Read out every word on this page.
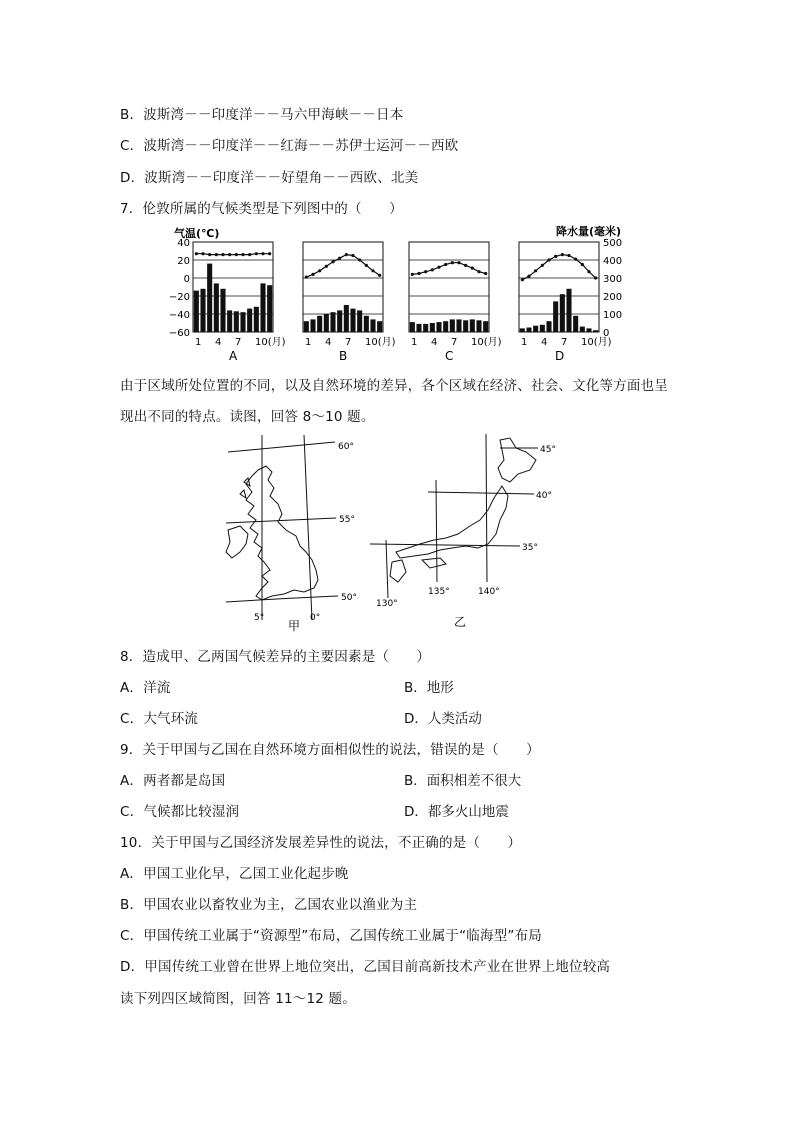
B．波斯湾－－印度洋－－马六甲海峡－－日本
C．波斯湾－－印度洋－－红海－－苏伊士运河－－西欧
D．波斯湾－－印度洋－－好望角－－西欧、北美
7．伦敦所属的气候类型是下列图中的（　　）
气温(℃)	降水量(毫米)
40
20
0
−20
−40
−60
500
400
300
200
100
0
1 4 7 10(月)
A
1 4 7 10(月)
B
1 4 7 10(月)
C
1 4 7 10(月)
D
由于区域所处位置的不同，以及自然环境的差异，各个区域在经济、社会、文化等方面也呈
现出不同的特点。读图，回答 8～10 题。
60°
55°
50°
5°	0°
甲
45°
40°
35°
130°
135°	140°
乙
8．造成甲、乙两国气候差异的主要因素是（　　）
A．洋流	B．地形
C．大气环流	D．人类活动
9．关于甲国与乙国在自然环境方面相似性的说法，错误的是（　　）
A．两者都是岛国	B．面积相差不很大
C．气候都比较湿润	D．都多火山地震
10．关于甲国与乙国经济发展差异性的说法，不正确的是（　　）
A．甲国工业化早，乙国工业化起步晚
B．甲国农业以畜牧业为主，乙国农业以渔业为主
C．甲国传统工业属于“资源型”布局，乙国传统工业属于“临海型”布局
D．甲国传统工业曾在世界上地位突出，乙国目前高新技术产业在世界上地位较高
读下列四区域简图，回答 11～12 题。
